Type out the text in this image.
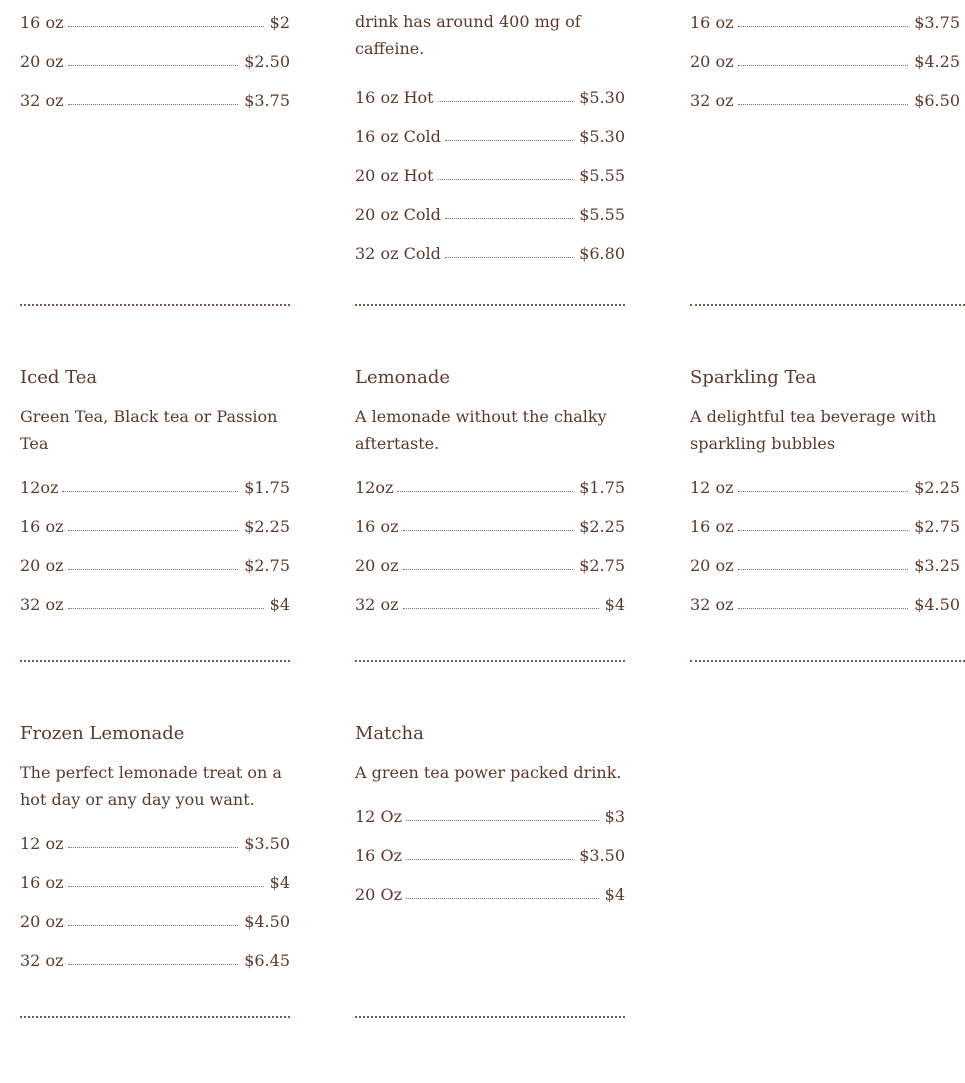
16 oz	$2
20 oz	$2.50
32 oz	$3.75

drink has around 400 mg of caffeine.

16 oz Hot	$5.30
16 oz Cold	$5.30
20 oz Hot	$5.55
20 oz Cold	$5.55
32 oz Cold	$6.80
16 oz	$3.75
20 oz	$4.25
32 oz	$6.50
Iced Tea

Green Tea, Black tea or Passion Tea

12oz	$1.75
16 oz	$2.25
20 oz	$2.75
32 oz	$4
Lemonade

A lemonade without the chalky aftertaste.

12oz	$1.75
16 oz	$2.25
20 oz	$2.75
32 oz	$4
Sparkling Tea

A delightful tea beverage with sparkling bubbles

12 oz	$2.25
16 oz	$2.75
20 oz	$3.25
32 oz	$4.50
Frozen Lemonade

The perfect lemonade treat on a hot day or any day you want.

12 oz	$3.50
16 oz	$4
20 oz	$4.50
32 oz	$6.45
Matcha

A green tea power packed drink.

12 Oz	$3
16 Oz	$3.50
20 Oz	$4
